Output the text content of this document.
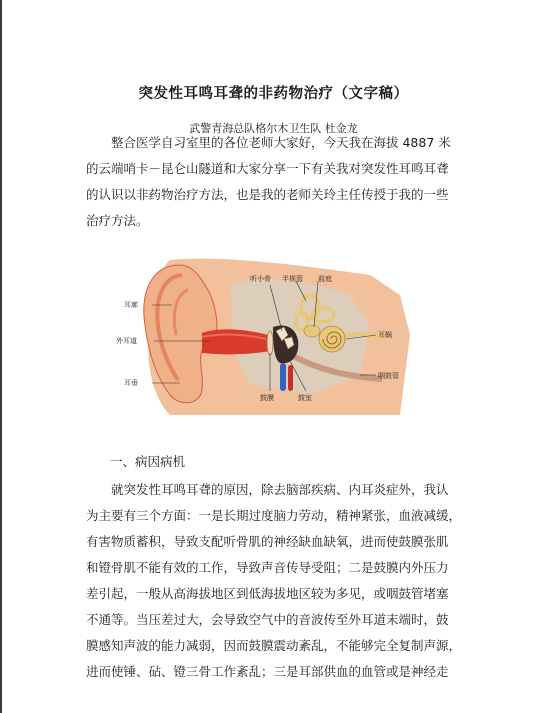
突发性耳鸣耳聋的非药物治疗（文字稿）
武警青海总队格尔木卫生队 杜金龙
整合医学自习室里的各位老师大家好，今天我在海拔 4887 米
的云端哨卡－昆仑山隧道和大家分享一下有关我对突发性耳鸣耳聋
的认识以非药物治疗方法，也是我的老师关玲主任传授于我的一些
治疗方法。
耳廓
外耳道
耳垂
听小骨 半规管 前庭
耳蜗
咽鼓管
鼓膜	鼓室
一、病因病机
就突发性耳鸣耳聋的原因，除去脑部疾病、内耳炎症外，我认
为主要有三个方面：一是长期过度脑力劳动，精神紧张，血液减缓，
有害物质蓄积，导致支配听骨肌的神经缺血缺氧，进而使鼓膜张肌
和镫骨肌不能有效的工作，导致声音传导受阻；二是鼓膜内外压力
差引起，一般从高海拔地区到低海拔地区较为多见，或咽鼓管堵塞
不通等。当压差过大，会导致空气中的音波传至外耳道末端时，鼓
膜感知声波的能力减弱，因而鼓膜震动紊乱，不能够完全复制声源，
进而使锤、砧、镫三骨工作紊乱；三是耳部供血的血管或是神经走
